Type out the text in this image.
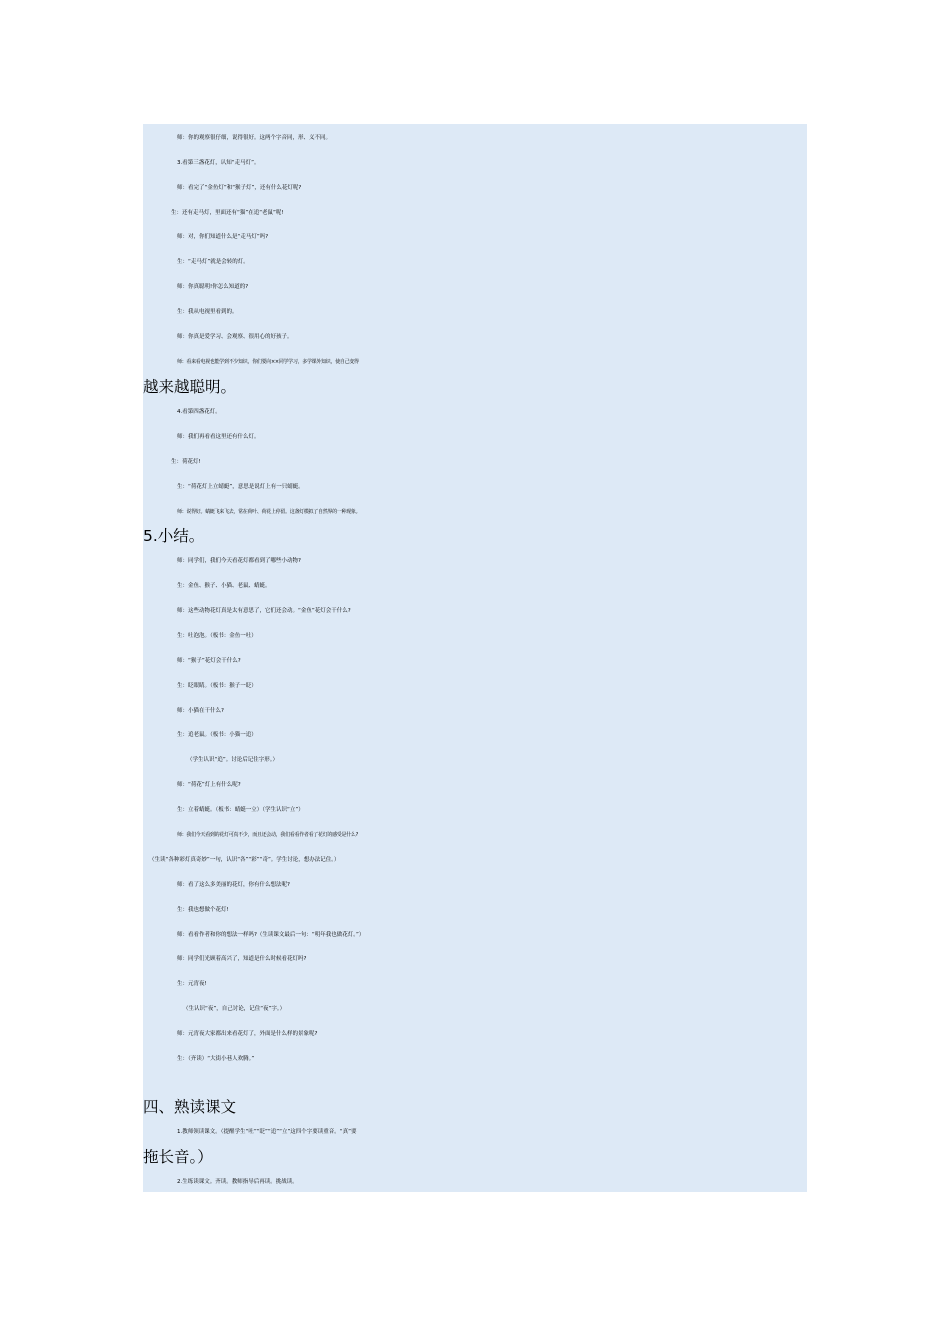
师：你的观察很仔细，说得很好。这两个字音同，形、义不同。
3.看第三盏花灯，认知“走马灯”。
师：看完了“金鱼灯”和“猴子灯”，还有什么花灯呢?
生：还有走马灯，里面还有“猫”在追“老鼠”呢!
师：对，你们知道什么是“走马灯”吗?
生：“走马灯”就是会转的灯。
师：你真聪明!你怎么知道的?
生：我从电视里看到的。
师：你真是爱学习、会观察、很用心的好孩子。
师：看来看电视也能学到不少知识，你们要向××同学学习，多学课外知识，使自己变得
越来越聪明。
4.看第四盏花灯。
师：我们再看看这里还有什么灯。
生：荷花灯!
生：“荷花灯上立蜻蜓”，意思是说灯上有一只蜻蜓。
师：说得好。蜻蜓飞来飞去，常在荷叶、荷花上停留。这盏灯模拟了自然界的一种现象。
5.小结。
师：同学们，我们今天看花灯都看到了哪些小动物?
生：金鱼、猴子、小猫、老鼠、蜻蜓。
师：这些动物花灯真是太有意思了，它们还会动。“金鱼”花灯会干什么?
生：吐泡泡。（板书：金鱼一吐）
师：“猴子”花灯会干什么?
生：眨眼睛。（板书：猴子一眨）
师：小猫在干什么?
生：追老鼠。（板书：小猫一追）
（学生认识“追”。讨论后记住字形。）
师：“荷花”灯上有什么呢?
生：立着蜻蜓。（板书：蜻蜓一立）（学生认识“立”）
师：我们今天看到的花灯可真不少，而且还会动，我们看看作者看了花灯的感受是什么?
（生读“各种彩灯真奇妙”一句，认识“各”“彩”“奇”。学生讨论，想办法记住。）
师：看了这么多美丽的花灯，你有什么想法呢?
生：我也想做个花灯!
师：看看作者和你的想法一样吗?（生读课文最后一句：“明年我也做花灯。”）
师：同学们光顾着高兴了，知道是什么时候看花灯吗?
生：元宵夜!
（生认识“夜”，自己讨论，记住“夜”字。）
师：元宵夜大家都出来看花灯了，外面是什么样的景象呢?
生：（齐读）“大街小巷人欢腾。”
四、熟读课文
1.教师领读课文。（提醒学生“吐”“眨”“追”“立”这四个字要读重音。“真”要
拖长音。）
2.生练读课文。齐读。教师指导后再读。挑战读。
